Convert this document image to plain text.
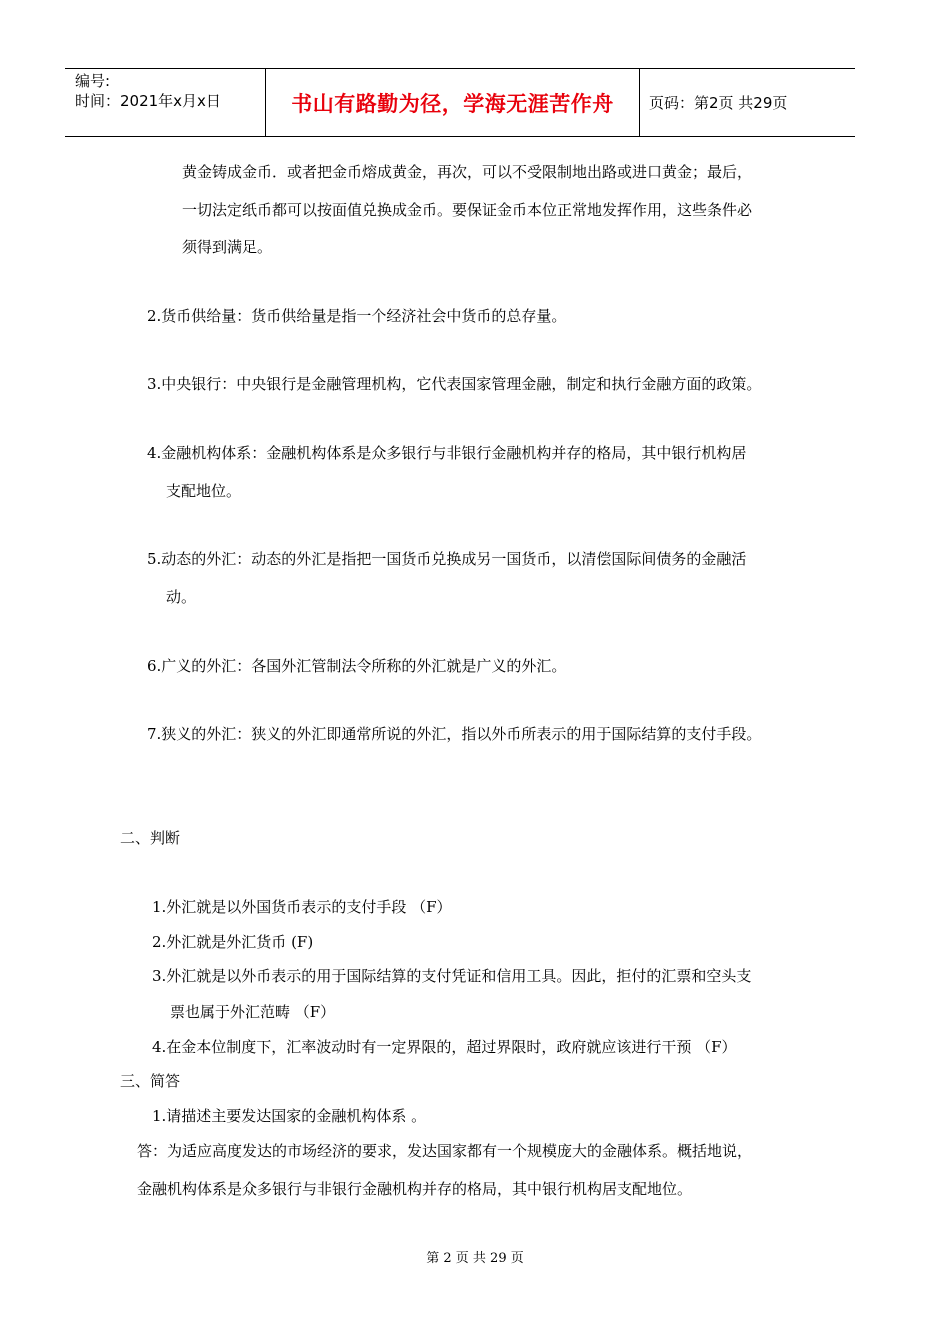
编号:
时间：2021年x月x日	书山有路勤为径，学海无涯苦作舟	页码：第2页 共29页
黄金铸成金币．或者把金币熔成黄金，再次，可以不受限制地出路或进口黄金；最后，
一切法定纸币都可以按面值兑换成金币。要保证金币本位正常地发挥作用，这些条件必
须得到满足。
2.货币供给量：货币供给量是指一个经济社会中货币的总存量。
3.中央银行：中央银行是金融管理机构，它代表国家管理金融，制定和执行金融方面的政策。
4.金融机构体系：金融机构体系是众多银行与非银行金融机构并存的格局，其中银行机构居
支配地位。
5.动态的外汇：动态的外汇是指把一国货币兑换成另一国货币，以清偿国际间债务的金融活
动。
6.广义的外汇：各国外汇管制法令所称的外汇就是广义的外汇。
7.狭义的外汇：狭义的外汇即通常所说的外汇，指以外币所表示的用于国际结算的支付手段。
二、判断
1.外汇就是以外国货币表示的支付手段 （F）
2.外汇就是外汇货币 (F)
3.外汇就是以外币表示的用于国际结算的支付凭证和信用工具。因此，拒付的汇票和空头支
票也属于外汇范畴 （F）
4.在金本位制度下，汇率波动时有一定界限的，超过界限时，政府就应该进行干预 （F）
三、简答
1.请描述主要发达国家的金融机构体系 。
答：为适应高度发达的市场经济的要求，发达国家都有一个规模庞大的金融体系。概括地说，
金融机构体系是众多银行与非银行金融机构并存的格局，其中银行机构居支配地位。
第 2 页 共 29 页
